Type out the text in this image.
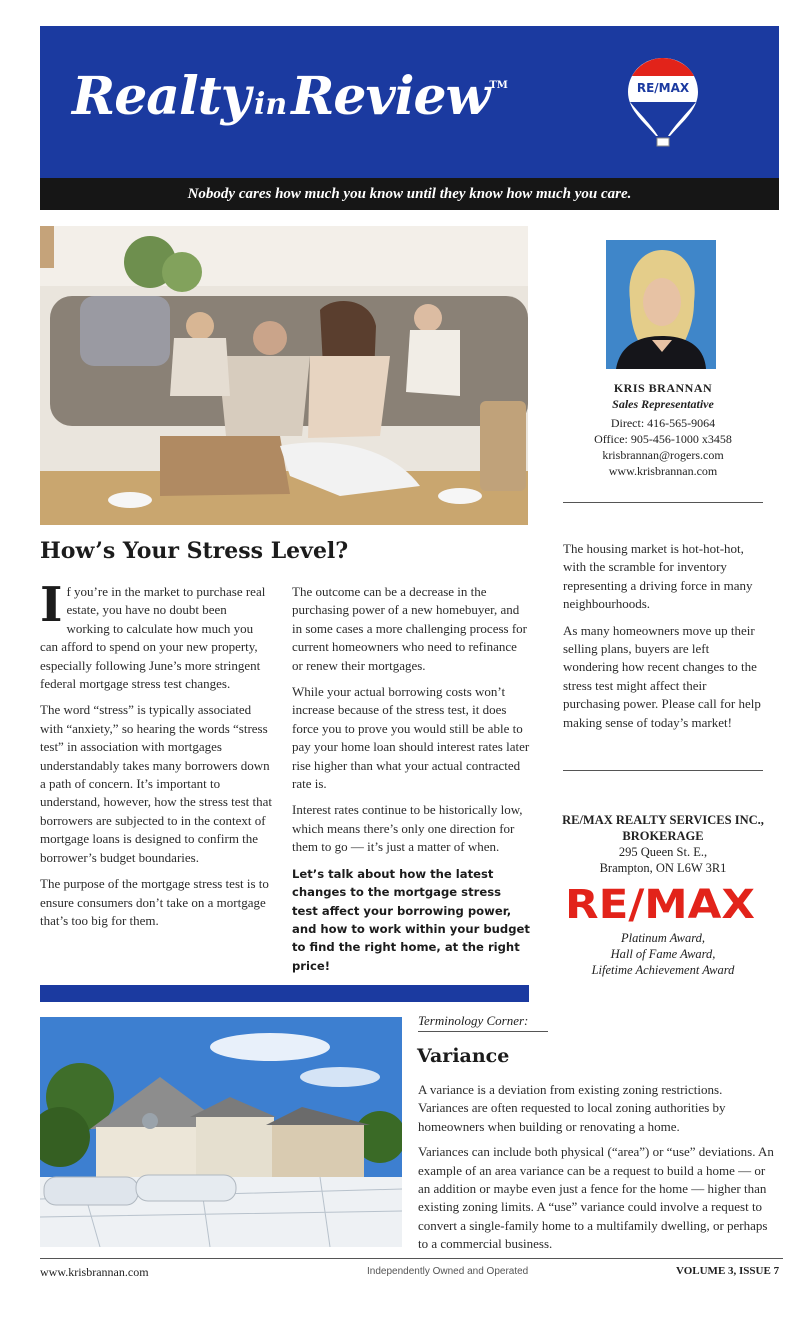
Realty inReviewTM	RE/MAX
Nobody cares how much you know until they know how much you care.
KRIS BRANNAN
Sales Representative
Direct: 416-565-9064
Office: 905-456-1000 x3458
krisbrannan@rogers.com
www.krisbrannan.com
How’s Your Stress Level?

If you’re in the market to purchase real estate, you have no doubt been working to calculate how much you can afford to spend on your new property, especially following June’s more stringent federal mortgage stress test changes.

The word “stress” is typically associated with “anxiety,” so hearing the words “stress test” in association with mortgages understandably takes many borrowers down a path of concern. It’s important to understand, however, how the stress test that borrowers are subjected to in the context of mortgage loans is designed to confirm the borrower’s budget boundaries.

The purpose of the mortgage stress test is to ensure consumers don’t take on a mortgage that’s too big for them.

The outcome can be a decrease in the purchasing power of a new homebuyer, and in some cases a more challenging process for current homeowners who need to refinance or renew their mortgages.

While your actual borrowing costs won’t increase because of the stress test, it does force you to prove you would still be able to pay your home loan should interest rates later rise higher than what your actual contracted rate is.

Interest rates continue to be historically low, which means there’s only one direction for them to go — it’s just a matter of when.

Let’s talk about how the latest changes to the mortgage stress test affect your borrowing power, and how to work within your budget to find the right home, at the right price!

The housing market is hot-hot-hot, with the scramble for inventory representing a driving force in many neighbourhoods.

As many homeowners move up their selling plans, buyers are left wondering how recent changes to the stress test might affect their purchasing power. Please call for help making sense of today’s market!

RE/MAX REALTY SERVICES INC.,
BROKERAGE
295 Queen St. E.,
Brampton, ON L6W 3R1
RE/MAX
Platinum Award,
Hall of Fame Award,
Lifetime Achievement Award
Terminology Corner:
Variance

A variance is a deviation from existing zoning restrictions. Variances are often requested to local zoning authorities by homeowners when building or renovating a home.

Variances can include both physical (“area”) or “use” deviations. An example of an area variance can be a request to build a home — or an addition or maybe even just a fence for the home — higher than existing zoning limits. A “use” variance could involve a request to convert a single-family home to a multifamily dwelling, or perhaps to a commercial business.

www.krisbrannan.com	Independently Owned and Operated	VOLUME 3, ISSUE 7
